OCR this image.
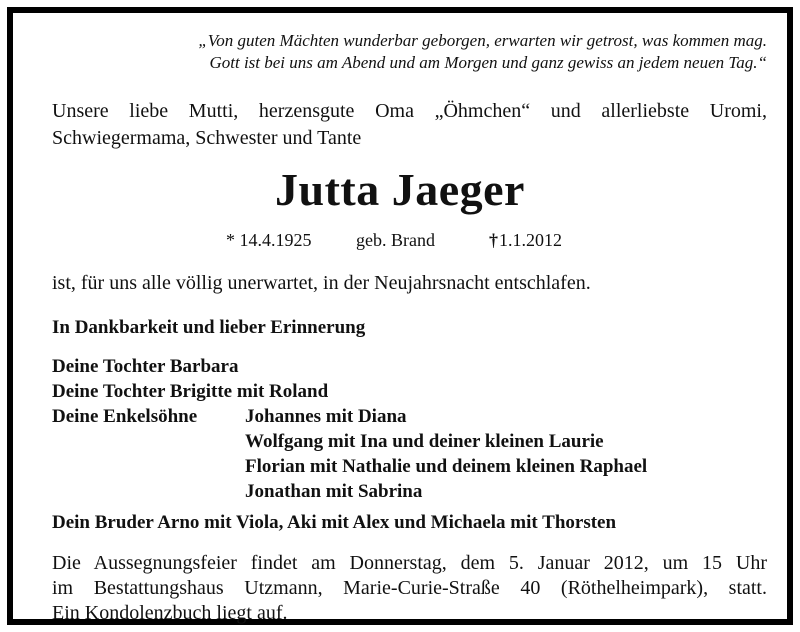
„Von guten Mächten wunderbar geborgen, erwarten wir getrost, was kommen mag.
Gott ist bei uns am Abend und am Morgen und ganz gewiss an jedem neuen Tag.“
Unsere liebe Mutti, herzensgute Oma „Öhmchen“ und allerliebste Uromi,
Schwiegermama, Schwester und Tante
Jutta Jaeger
* 14.4.1925 geb. Brand	†1.1.2012
ist, für uns alle völlig unerwartet, in der Neujahrsnacht entschlafen.
In Dankbarkeit und lieber Erinnerung
Deine Tochter Barbara
Deine Tochter Brigitte mit Roland
Deine Enkelsöhne	Johannes mit Diana
Wolfgang mit Ina und deiner kleinen Laurie
Florian mit Nathalie und deinem kleinen Raphael
Jonathan mit Sabrina
Dein Bruder Arno mit Viola, Aki mit Alex und Michaela mit Thorsten
Die Aussegnungsfeier findet am Donnerstag, dem 5. Januar 2012, um 15 Uhr
im Bestattungshaus Utzmann, Marie-Curie-Straße 40 (Röthelheimpark), statt.
Ein Kondolenzbuch liegt auf.
